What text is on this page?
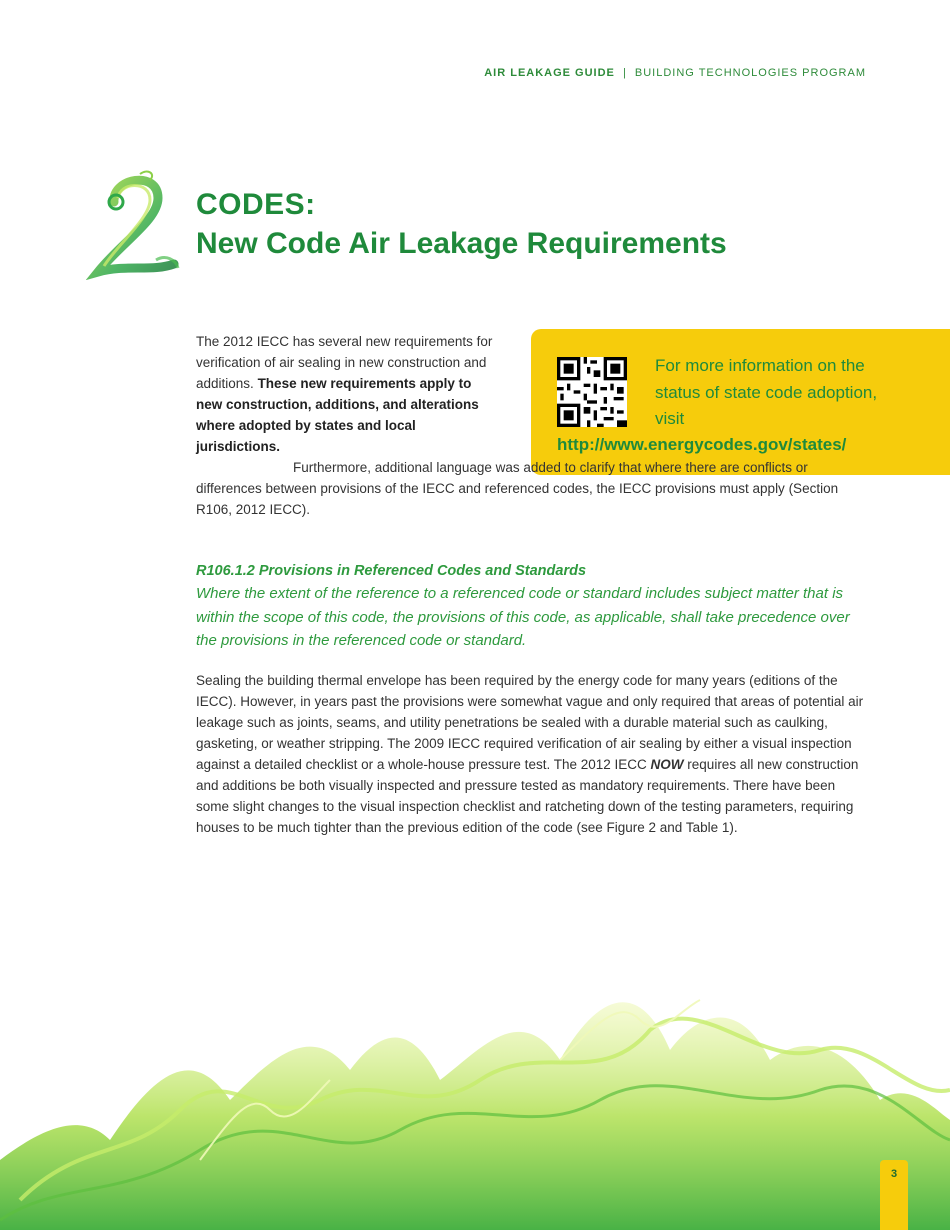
AIR LEAKAGE GUIDE | BUILDING TECHNOLOGIES PROGRAM
CODES:
New Code Air Leakage Requirements
For more information on the status of state code adoption, visit
http://www.energycodes.gov/states/
The 2012 IECC has several new requirements for verification of air sealing in new construction and additions. These new requirements apply to new construction, additions, and alterations where adopted by states and local jurisdictions.
Furthermore, additional language was added to clarify that where there are conflicts or differences between provisions of the IECC and referenced codes, the IECC provisions must apply (Section R106, 2012 IECC).
R106.1.2 Provisions in Referenced Codes and Standards
Where the extent of the reference to a referenced code or standard includes subject matter that is within the scope of this code, the provisions of this code, as applicable, shall take precedence over the provisions in the referenced code or standard.
Sealing the building thermal envelope has been required by the energy code for many years (editions of the IECC). However, in years past the provisions were somewhat vague and only required that areas of potential air leakage such as joints, seams, and utility penetrations be sealed with a durable material such as caulking, gasketing, or weather stripping. The 2009 IECC required verification of air sealing by either a visual inspection against a detailed checklist or a whole-house pressure test. The 2012 IECC NOW requires all new construction and additions be both visually inspected and pressure tested as mandatory requirements. There have been some slight changes to the visual inspection checklist and ratcheting down of the testing parameters, requiring houses to be much tighter than the previous edition of the code (see Figure 2 and Table 1).
3
